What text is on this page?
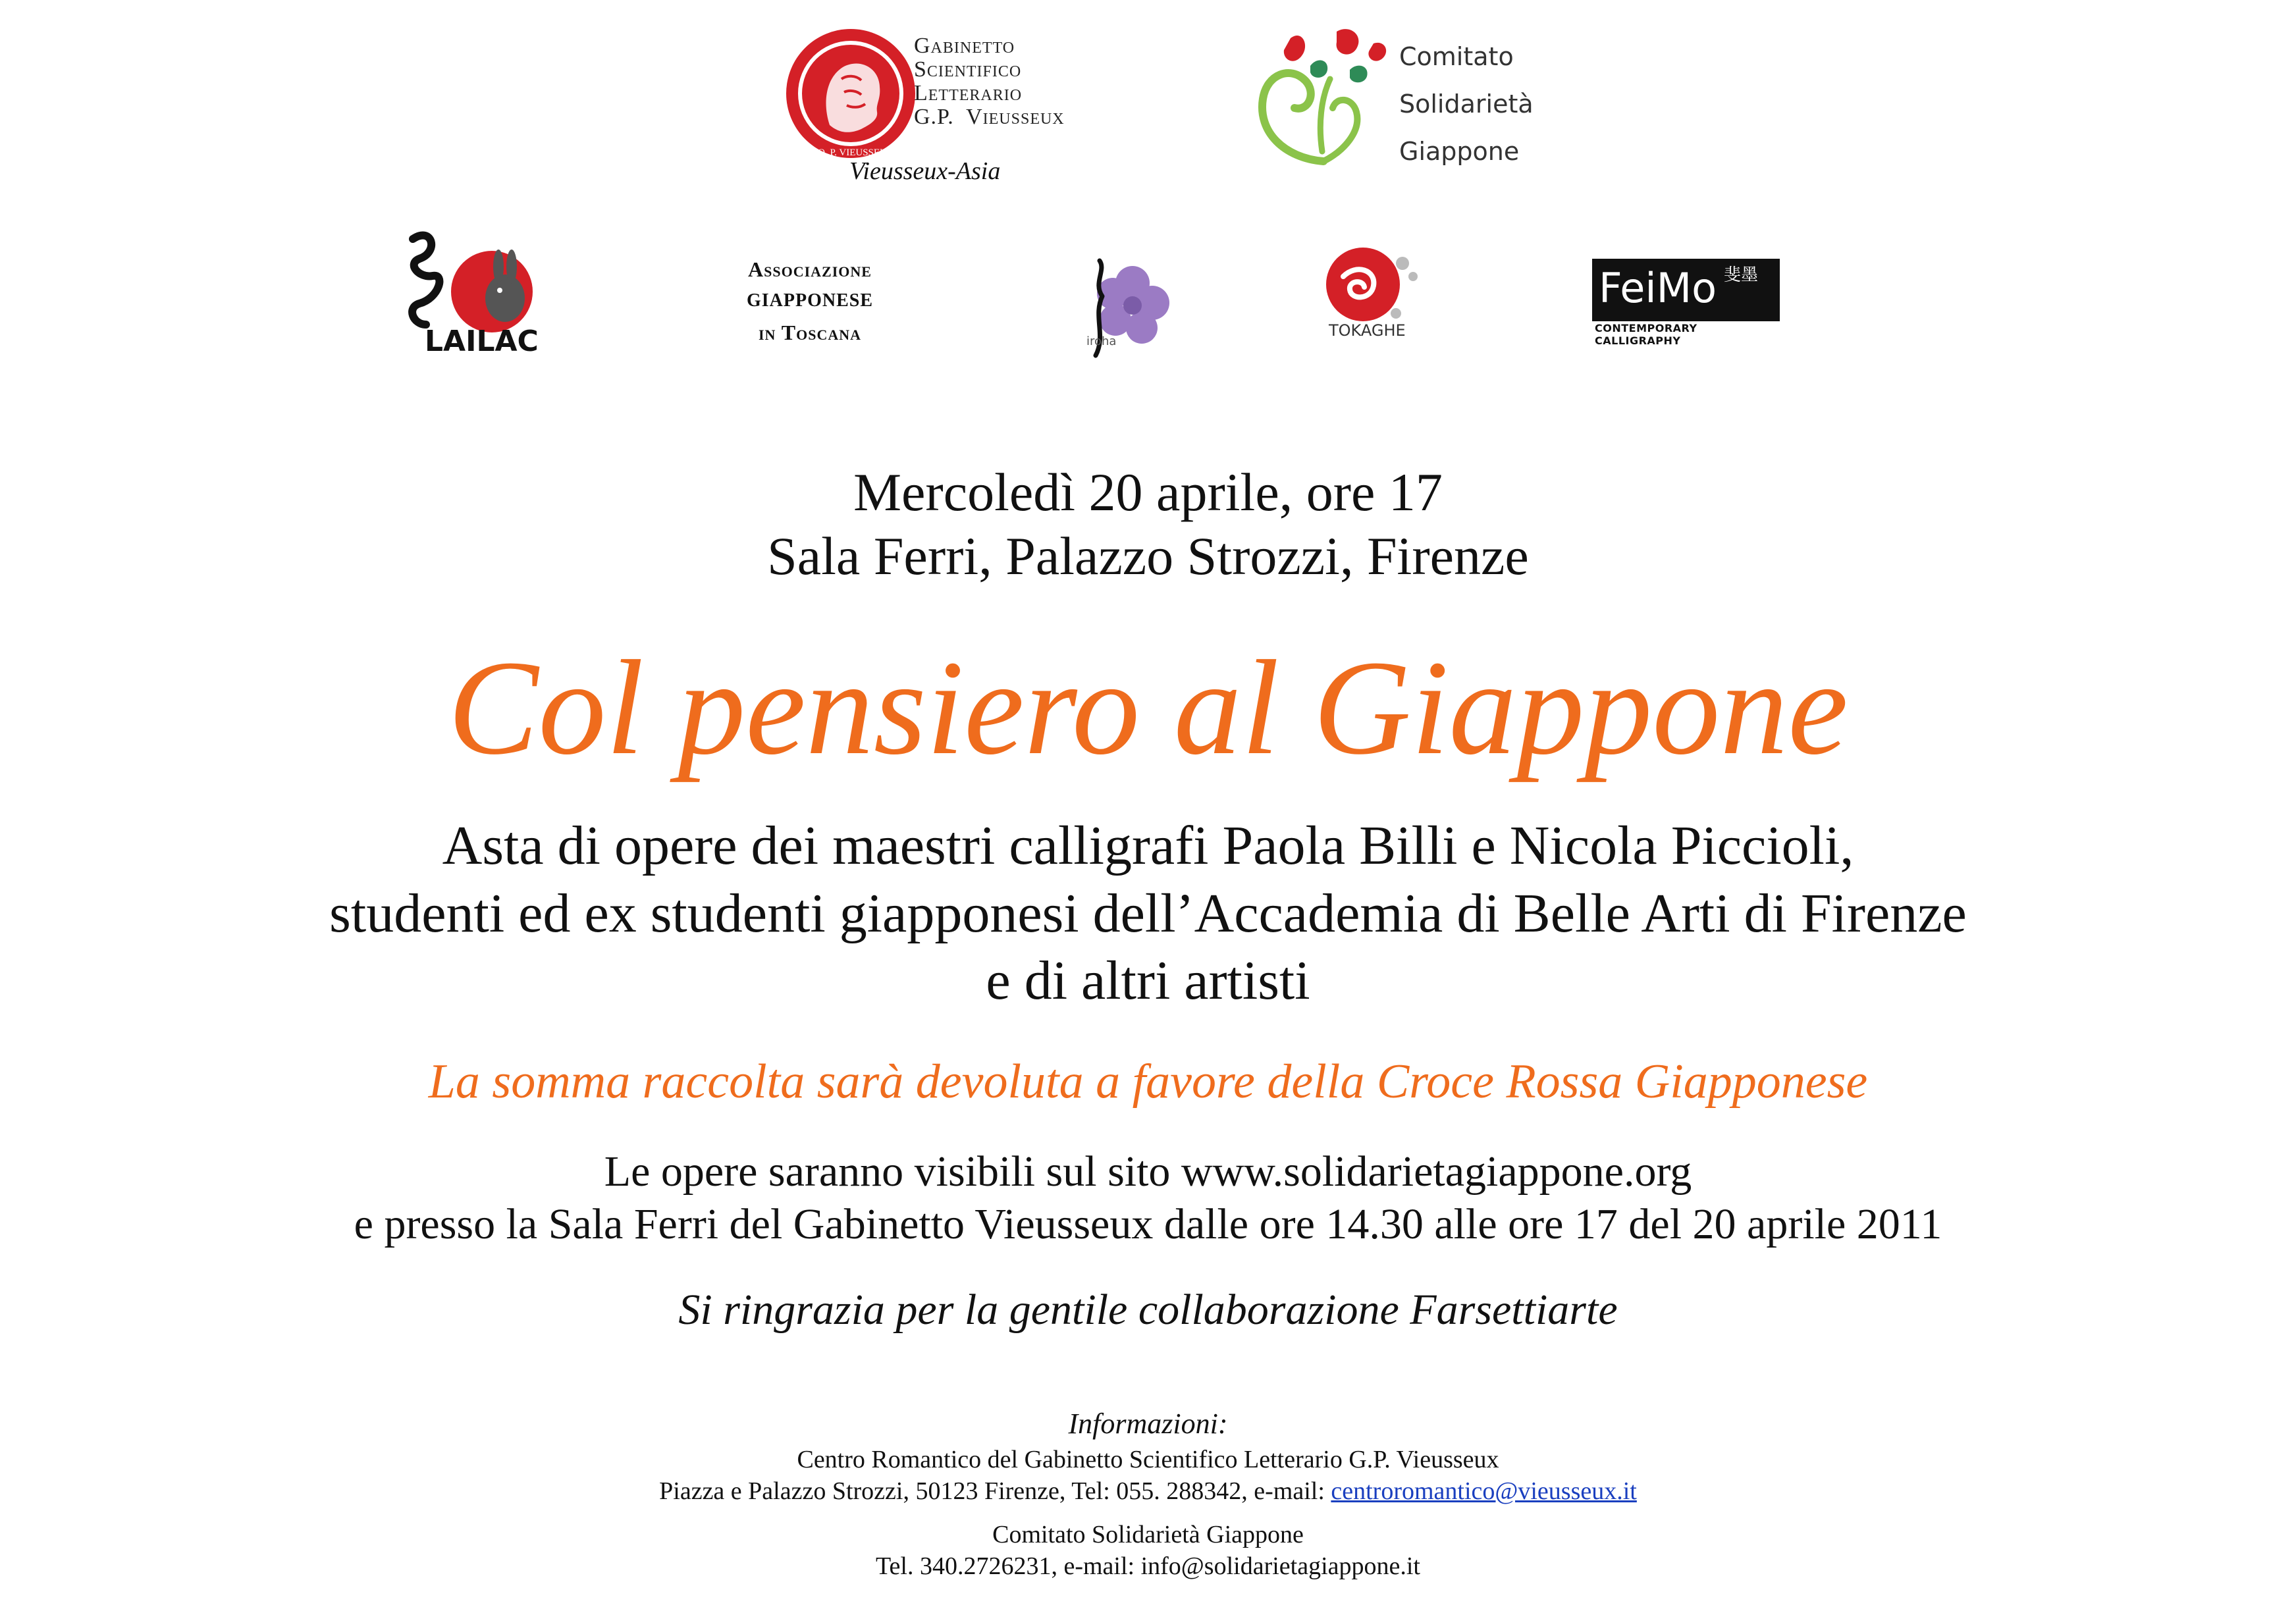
GIO. P. VIEUSSEUX
Gabinetto
Scientifico
Letterario
G.P.  Vieusseux
Vieusseux-Asia
Comitato
Solidarietà
Giappone
LAILAC
Associazione
GIAPPONESE
in Toscana	iroha
TOKAGHE
FeiMo 斐墨
CONTEMPORARY CALLIGRAPHY
Mercoledì 20 aprile, ore 17
Sala Ferri, Palazzo Strozzi, Firenze
Col pensiero al Giappone
Asta di opere dei maestri calligrafi Paola Billi e Nicola Piccioli,
studenti ed ex studenti giapponesi dell’Accademia di Belle Arti di Firenze
e di altri artisti
La somma raccolta sarà devoluta a favore della Croce Rossa Giapponese
Le opere saranno visibili sul sito www.solidarietagiappone.org
e presso la Sala Ferri del Gabinetto Vieusseux dalle ore 14.30 alle ore 17 del 20 aprile 2011
Si ringrazia per la gentile collaborazione Farsettiarte
Informazioni:
Centro Romantico del Gabinetto Scientifico Letterario G.P. Vieusseux
Piazza e Palazzo Strozzi, 50123 Firenze, Tel: 055. 288342, e-mail: centroromantico@vieusseux.it
Comitato Solidarietà Giappone
Tel. 340.2726231, e-mail: info@solidarietagiappone.it
